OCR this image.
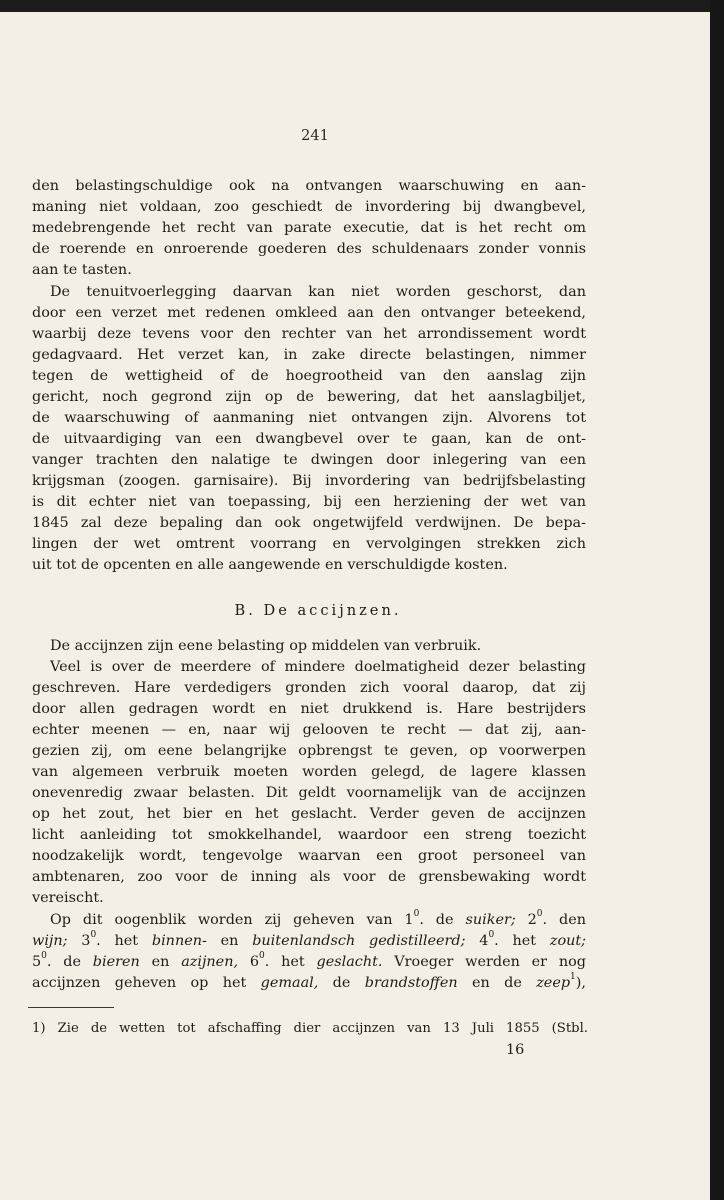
241
den belastingschuldige ook na ontvangen waarschuwing en aan-
maning niet voldaan, zoo geschiedt de invordering bij dwangbevel,
medebrengende het recht van parate executie, dat is het recht om
de roerende en onroerende goederen des schuldenaars zonder vonnis
aan te tasten.
De tenuitvoerlegging daarvan kan niet worden geschorst, dan
door een verzet met redenen omkleed aan den ontvanger beteekend,
waarbij deze tevens voor den rechter van het arrondissement wordt
gedagvaard. Het verzet kan, in zake directe belastingen, nimmer
tegen de wettigheid of de hoegrootheid van den aanslag zijn
gericht, noch gegrond zijn op de bewering, dat het aanslagbiljet,
de waarschuwing of aanmaning niet ontvangen zijn. Alvorens tot
de uitvaardiging van een dwangbevel over te gaan, kan de ont-
vanger trachten den nalatige te dwingen door inlegering van een
krijgsman (zoogen. garnisaire). Bij invordering van bedrijfsbelasting
is dit echter niet van toepassing, bij een herziening der wet van
1845 zal deze bepaling dan ook ongetwijfeld verdwijnen. De bepa-
lingen der wet omtrent voorrang en vervolgingen strekken zich
uit tot de opcenten en alle aangewende en verschuldigde kosten.
B. De accijnzen.
De accijnzen zijn eene belasting op middelen van verbruik.
Veel is over de meerdere of mindere doelmatigheid dezer belasting
geschreven. Hare verdedigers gronden zich vooral daarop, dat zij
door allen gedragen wordt en niet drukkend is. Hare bestrijders
echter meenen — en, naar wij gelooven te recht — dat zij, aan-
gezien zij, om eene belangrijke opbrengst te geven, op voorwerpen
van algemeen verbruik moeten worden gelegd, de lagere klassen
onevenredig zwaar belasten. Dit geldt voornamelijk van de accijnzen
op het zout, het bier en het geslacht. Verder geven de accijnzen
licht aanleiding tot smokkelhandel, waardoor een streng toezicht
noodzakelijk wordt, tengevolge waarvan een groot personeel van
ambtenaren, zoo voor de inning als voor de grensbewaking wordt
vereischt.
Op dit oogenblik worden zij geheven van $1^0$. de suiker; $2^0$. den
wijn; $3^0$. het binnen- en buitenlandsch gedistilleerd; $4^0$. het zout;
$5^0$. de bieren en azijnen, $6^0$. het geslacht. Vroeger werden er nog
accijnzen geheven op het gemaal, de brandstoffen en de zeep$^1$),
1) Zie de wetten tot afschaffing dier accijnzen van 13 Juli 1855 (Stbl.
16
